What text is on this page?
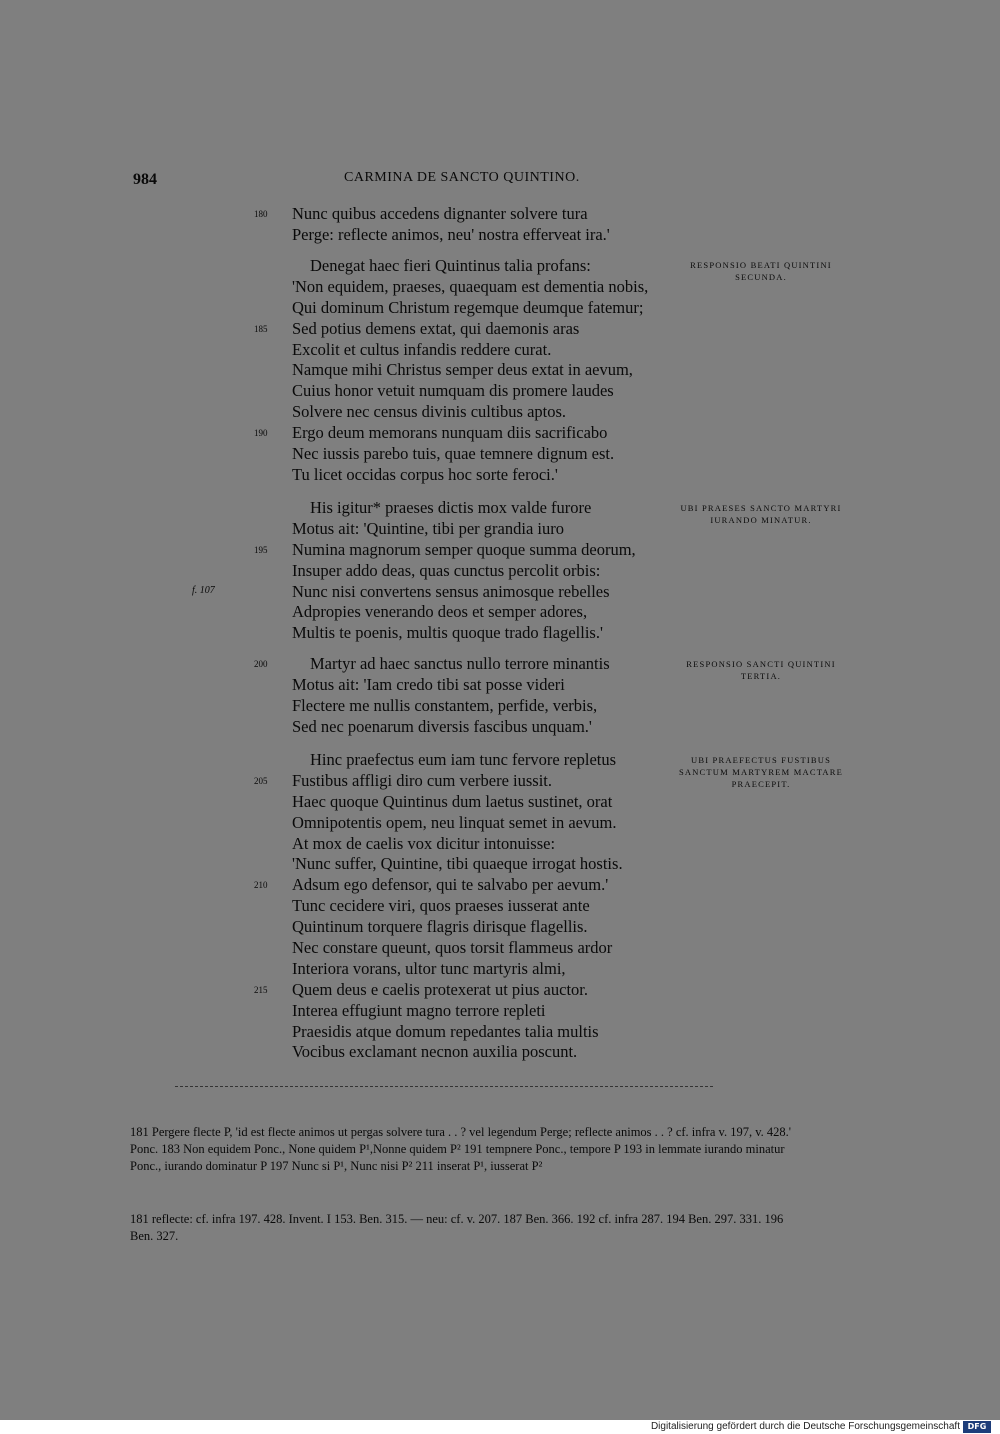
984	CARMINA DE SANCTO QUINTINO.
180 Nunc quibus accedens dignanter solvere tura
Perge: reflecte animos, neu' nostra efferveat ira.'
Denegat haec fieri Quintinus talia profans:
'Non equidem, praeses, quaequam est dementia nobis,
Qui dominum Christum regemque deumque fatemur;
185 Sed potius demens extat, qui daemonis aras
Excolit et cultus infandis reddere curat.
Namque mihi Christus semper deus extat in aevum,
Cuius honor vetuit numquam dis promere laudes
Solvere nec census divinis cultibus aptos.
190 Ergo deum memorans nunquam diis sacrificabo
Nec iussis parebo tuis, quae temnere dignum est.
Tu licet occidas corpus hoc sorte feroci.'
His igitur* praeses dictis mox valde furore
Motus ait: 'Quintine, tibi per grandia iuro
195 Numina magnorum semper quoque summa deorum,
Insuper addo deas, quas cunctus percolit orbis:
Nunc nisi convertens sensus animosque rebelles
Adpropies venerando deos et semper adores,
Multis te poenis, multis quoque trado flagellis.'
200	Martyr ad haec sanctus nullo terrore minantis
Motus ait: 'Iam credo tibi sat posse videri
Flectere me nullis constantem, perfide, verbis,
Sed nec poenarum diversis fascibus unquam.'
Hinc praefectus eum iam tunc fervore repletus
205 Fustibus affligi diro cum verbere iussit.
Haec quoque Quintinus dum laetus sustinet, orat
Omnipotentis opem, neu linquat semet in aevum.
At mox de caelis vox dicitur intonuisse:
'Nunc suffer, Quintine, tibi quaeque irrogat hostis.
210 Adsum ego defensor, qui te salvabo per aevum.'
Tunc cecidere viri, quos praeses iusserat ante
Quintinum torquere flagris dirisque flagellis.
Nec constare queunt, quos torsit flammeus ardor
Interiora vorans, ultor tunc martyris almi,
215 Quem deus e caelis protexerat ut pius auctor.
Interea effugiunt magno terrore repleti
Praesidis atque domum repedantes talia multis
Vocibus exclamant necnon auxilia poscunt.
RESPONSIO BEATI QUINTINI SECUNDA.
UBI PRAESES SANCTO MARTYRI IURANDO MINATUR.
RESPONSIO SANCTI QUINTINI TERTIA.
UBI PRAEFECTUS FUSTIBUS SANCTUM MARTYREM MACTARE PRAECEPIT.
f. 107
181 Pergere flecte P, 'id est flecte animos ut pergas solvere tura . . ? vel legendum Perge; reflecte animos . . ? cf. infra v. 197, v. 428.' Ponc. 183 Non equidem Ponc., None quidem P¹,Nonne quidem P² 191 tempnere Ponc., tempore P 193 in lemmate iurando minatur Ponc., iurando dominatur P 197 Nunc si P¹, Nunc nisi P² 211 inserat P¹, iusserat P²
181 reflecte: cf. infra 197. 428. Invent. I 153. Ben. 315. — neu: cf. v. 207. 187 Ben. 366. 192 cf. infra 287. 194 Ben. 297. 331. 196 Ben. 327.
Digitalisierung gefördert durch die Deutsche Forschungsgemeinschaft DFG
